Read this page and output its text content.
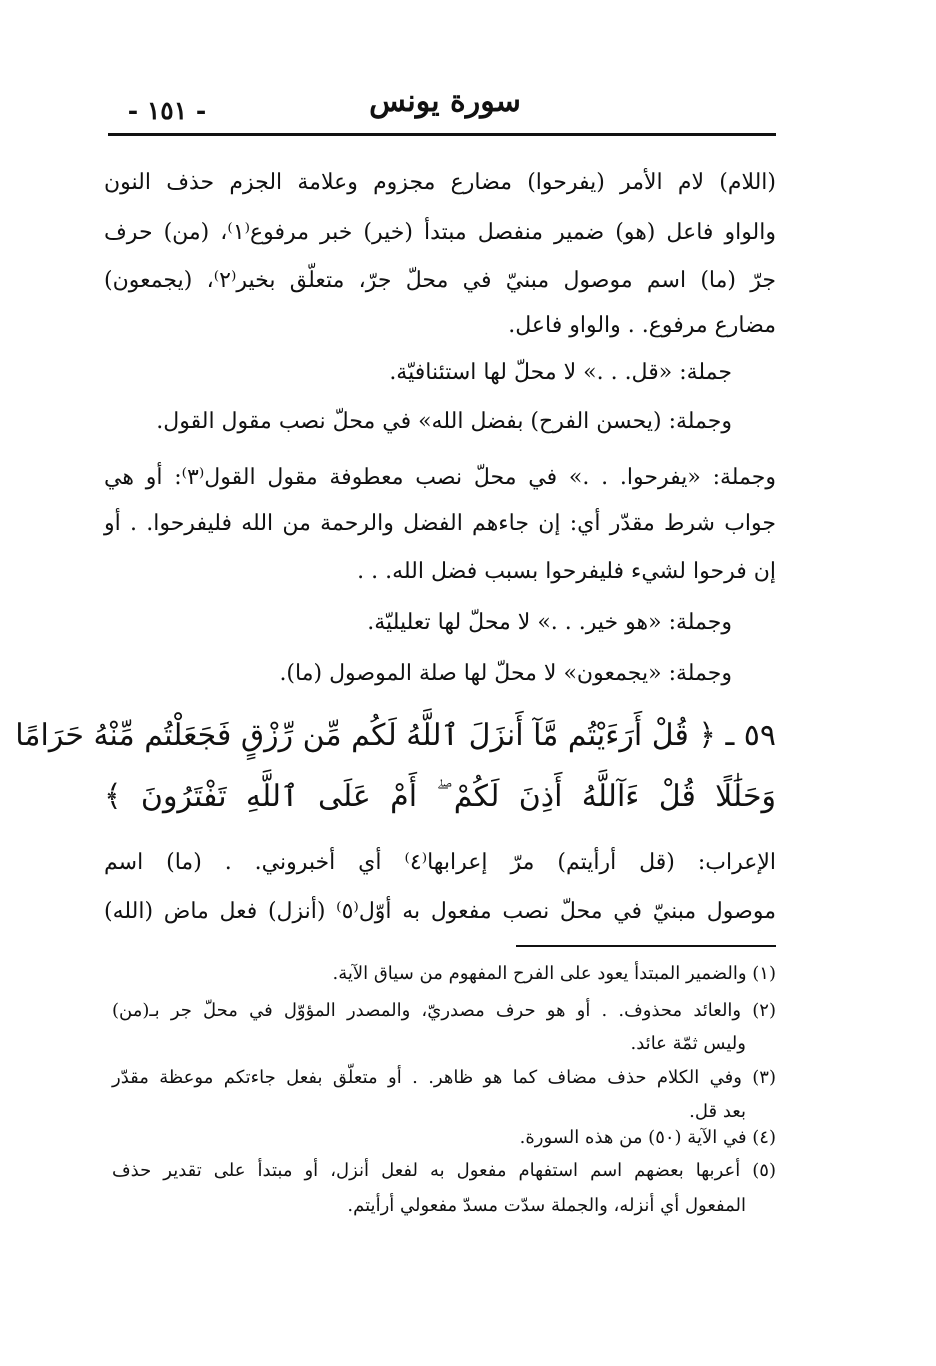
- ١٥١ -	سورة يونس
(اللام) لام الأمر (يفرحوا) مضارع مجزوم وعلامة الجزم حذف النون
والواو فاعل (هو) ضمير منفصل مبتدأ (خير) خبر مرفوع⁽١⁾، (من) حرف
جرّ (ما) اسم موصول مبنيّ في محلّ جرّ، متعلّق بخير⁽٢⁾، (يجمعون)
مضارع مرفوع. . والواو فاعل.
جملة: «قل. . .» لا محلّ لها استئنافيّة.
وجملة: (يحسن الفرح) بفضل الله» في محلّ نصب مقول القول.
وجملة: «يفرحوا. . .» في محلّ نصب معطوفة مقول القول⁽٣⁾: أو هي
جواب شرط مقدّر أي: إن جاءهم الفضل والرحمة من الله فليفرحوا. . أو
إن فرحوا لشيء فليفرحوا بسبب فضل الله. . .
وجملة: «هو خير. . .» لا محلّ لها تعليليّة.
وجملة: «يجمعون» لا محلّ لها صلة الموصول (ما).
٥٩ ـ ﴿ قُلْ أَرَءَيْتُم مَّآ أَنزَلَ ٱللَّهُ لَكُم مِّن رِّزْقٍ فَجَعَلْتُم مِّنْهُ حَرَامًا
وَحَلَٰلًا قُلْ ءَآللَّهُ أَذِنَ لَكُمْ ۖ أَمْ عَلَى ٱللَّهِ تَفْتَرُونَ ﴾
الإعراب: (قل أرأيتم) مرّ إعرابها⁽٤⁾ أي أخبروني. . (ما) اسم
موصول مبنيّ في محلّ نصب مفعول به أوّل⁽٥⁾ (أنزل) فعل ماض (الله)
(١) والضمير المبتدأ يعود على الفرح المفهوم من سياق الآية.
(٢) والعائد محذوف. . أو هو حرف مصدريّ، والمصدر المؤوّل في محلّ جر بـ(من)
وليس ثمّة عائد.
(٣) وفي الكلام حذف مضاف كما هو ظاهر. . أو متعلّق بفعل جاءتكم موعظة مقدّر
بعد قل.
(٤) في الآية (٥٠) من هذه السورة.
(٥) أعربها بعضهم اسم استفهام مفعول به لفعل أنزل، أو مبتدأ على تقدير حذف
المفعول أي أنزله، والجملة سدّت مسدّ مفعولي أرأيتم.
